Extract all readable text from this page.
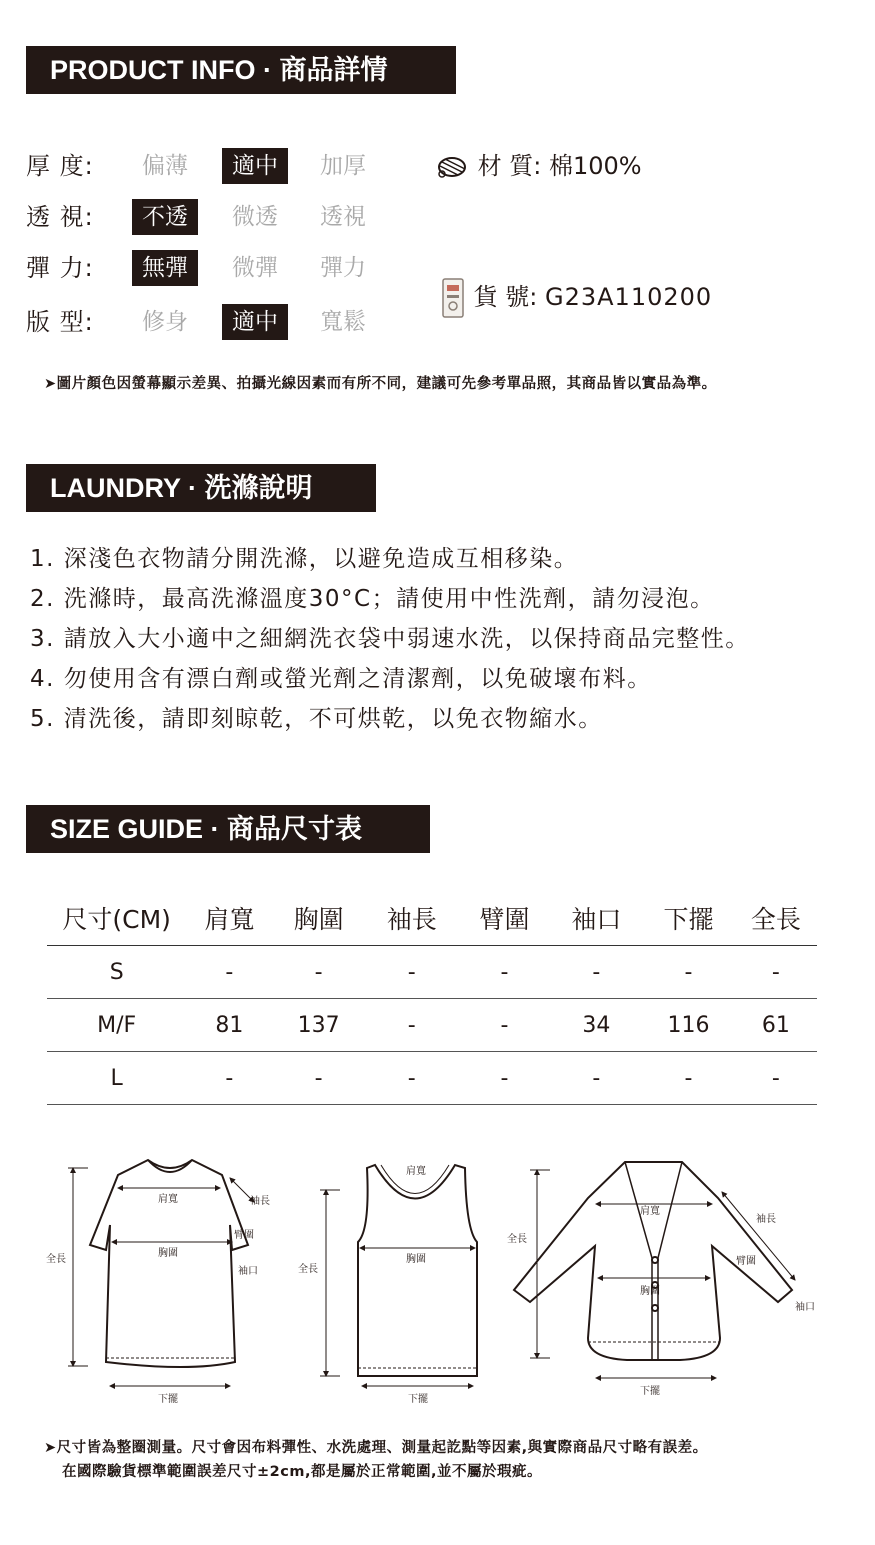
PRODUCT INFO · 商品詳情
厚 度:	偏薄	適中	加厚
透 視:	不透	微透	透視
彈 力:	無彈	微彈	彈力
版 型:	修身	適中	寬鬆
材 質: 棉100%
貨 號: G23A110200
➤圖片顏色因螢幕顯示差異、拍攝光線因素而有所不同，建議可先參考單品照，其商品皆以實品為準。
LAUNDRY · 洗滌說明
1. 深淺色衣物請分開洗滌，以避免造成互相移染。
2. 洗滌時，最高洗滌溫度30°C；請使用中性洗劑，請勿浸泡。
3. 請放入大小適中之細網洗衣袋中弱速水洗，以保持商品完整性。
4. 勿使用含有漂白劑或螢光劑之清潔劑，以免破壞布料。
5. 清洗後，請即刻晾乾，不可烘乾，以免衣物縮水。
SIZE GUIDE · 商品尺寸表
尺寸(CM)	肩寬	胸圍	袖長	臂圍	袖口	下擺	全長
S	-	-	-	-	-	-	-
M/F	81	137	-	-	34	116	61
L	-	-	-	-	-	-	-
肩寬
胸圍
袖長
臂圍
袖口
全長
下擺
肩寬
胸圍
全長
下擺
肩寬
胸圍
袖長
臂圍
袖口
全長
下擺
➤尺寸皆為整圈測量。尺寸會因布料彈性、水洗處理、測量起訖點等因素,與實際商品尺寸略有誤差。
在國際驗貨標準範圍誤差尺寸±2cm,都是屬於正常範圍,並不屬於瑕疵。
